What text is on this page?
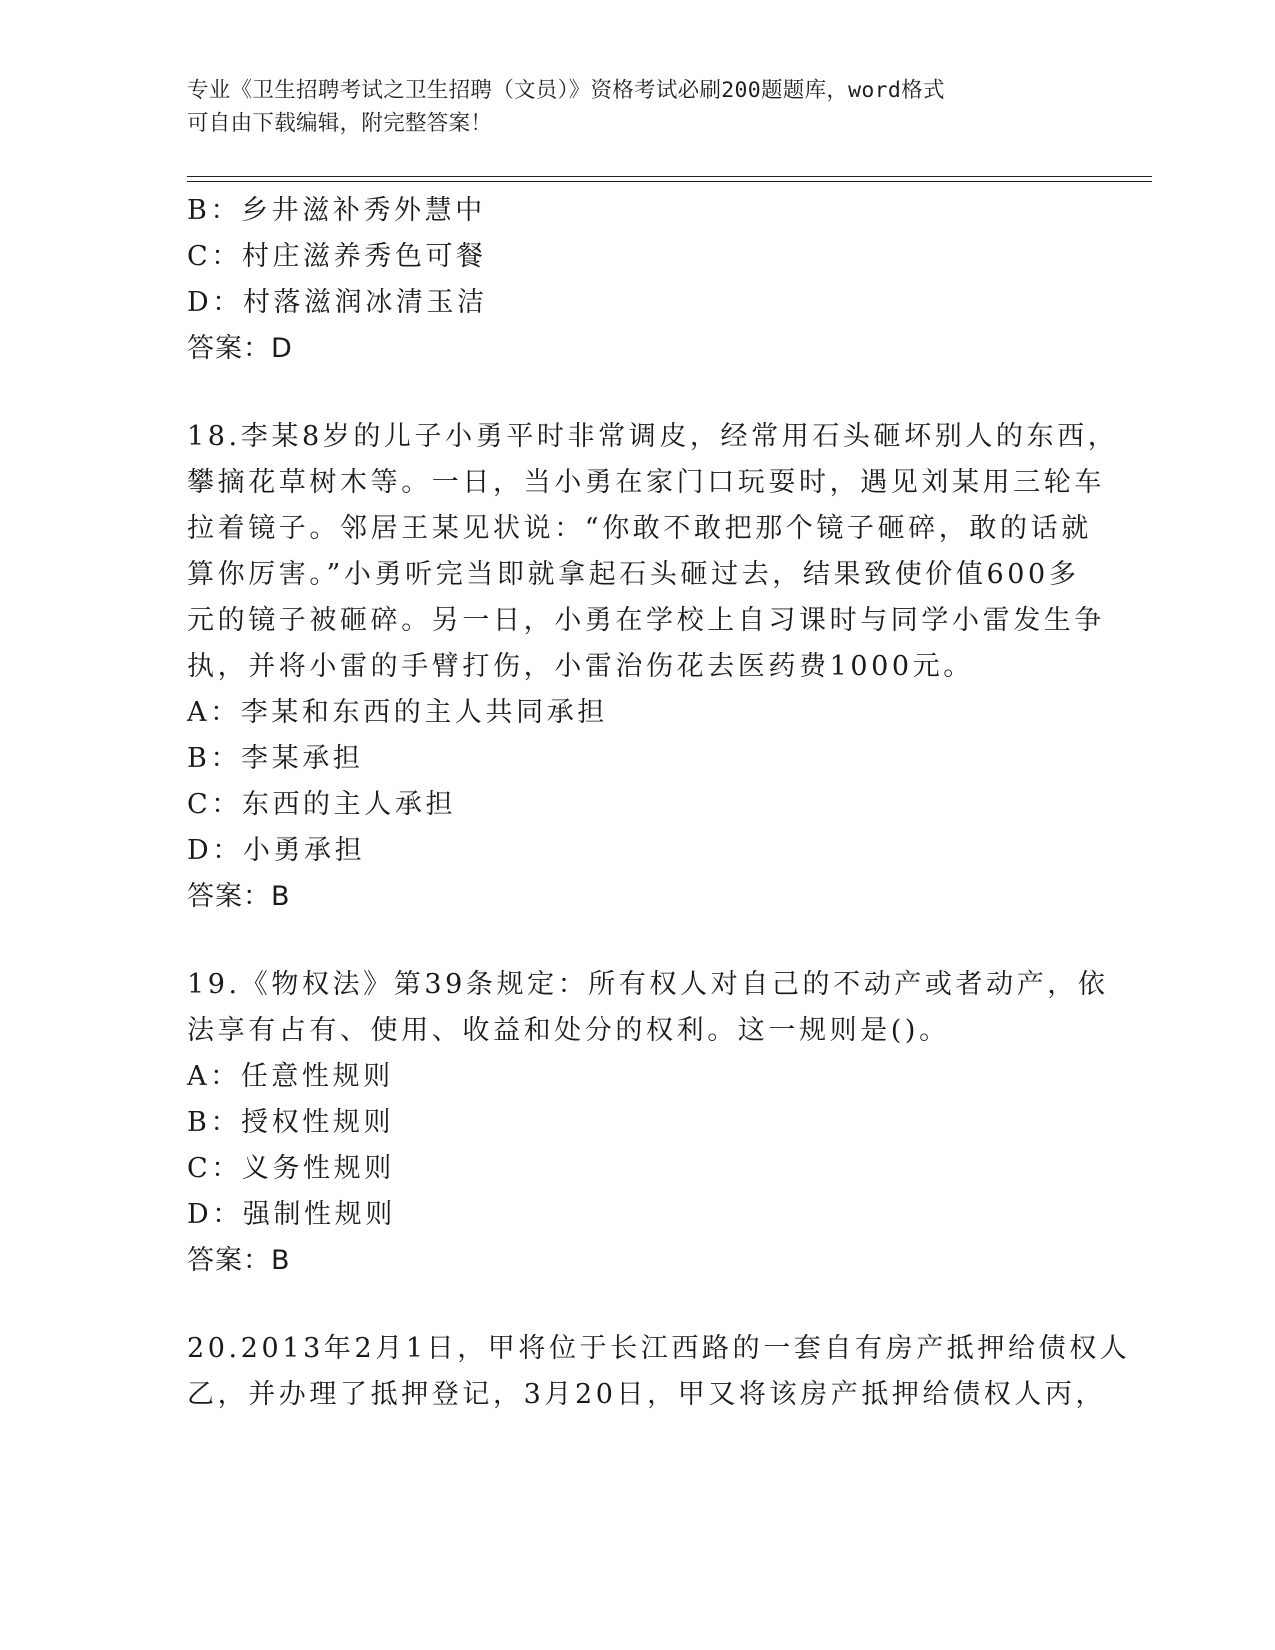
专业《卫生招聘考试之卫生招聘（文员）》资格考试必刷200题题库，word格式
可自由下载编辑，附完整答案！
B：乡井滋补秀外慧中
C：村庄滋养秀色可餐
D：村落滋润冰清玉洁
答案：D
18.李某8岁的儿子小勇平时非常调皮，经常用石头砸坏别人的东西，
攀摘花草树木等。一日，当小勇在家门口玩耍时，遇见刘某用三轮车
拉着镜子。邻居王某见状说：“你敢不敢把那个镜子砸碎，敢的话就
算你厉害。”小勇听完当即就拿起石头砸过去，结果致使价值600多
元的镜子被砸碎。另一日，小勇在学校上自习课时与同学小雷发生争
执，并将小雷的手臂打伤，小雷治伤花去医药费1000元。
A：李某和东西的主人共同承担
B：李某承担
C：东西的主人承担
D：小勇承担
答案：B
19.《物权法》第39条规定：所有权人对自己的不动产或者动产，依
法享有占有、使用、收益和处分的权利。这一规则是()。
A：任意性规则
B：授权性规则
C：义务性规则
D：强制性规则
答案：B
20.2013年2月1日，甲将位于长江西路的一套自有房产抵押给债权人
乙，并办理了抵押登记，3月20日，甲又将该房产抵押给债权人丙，
